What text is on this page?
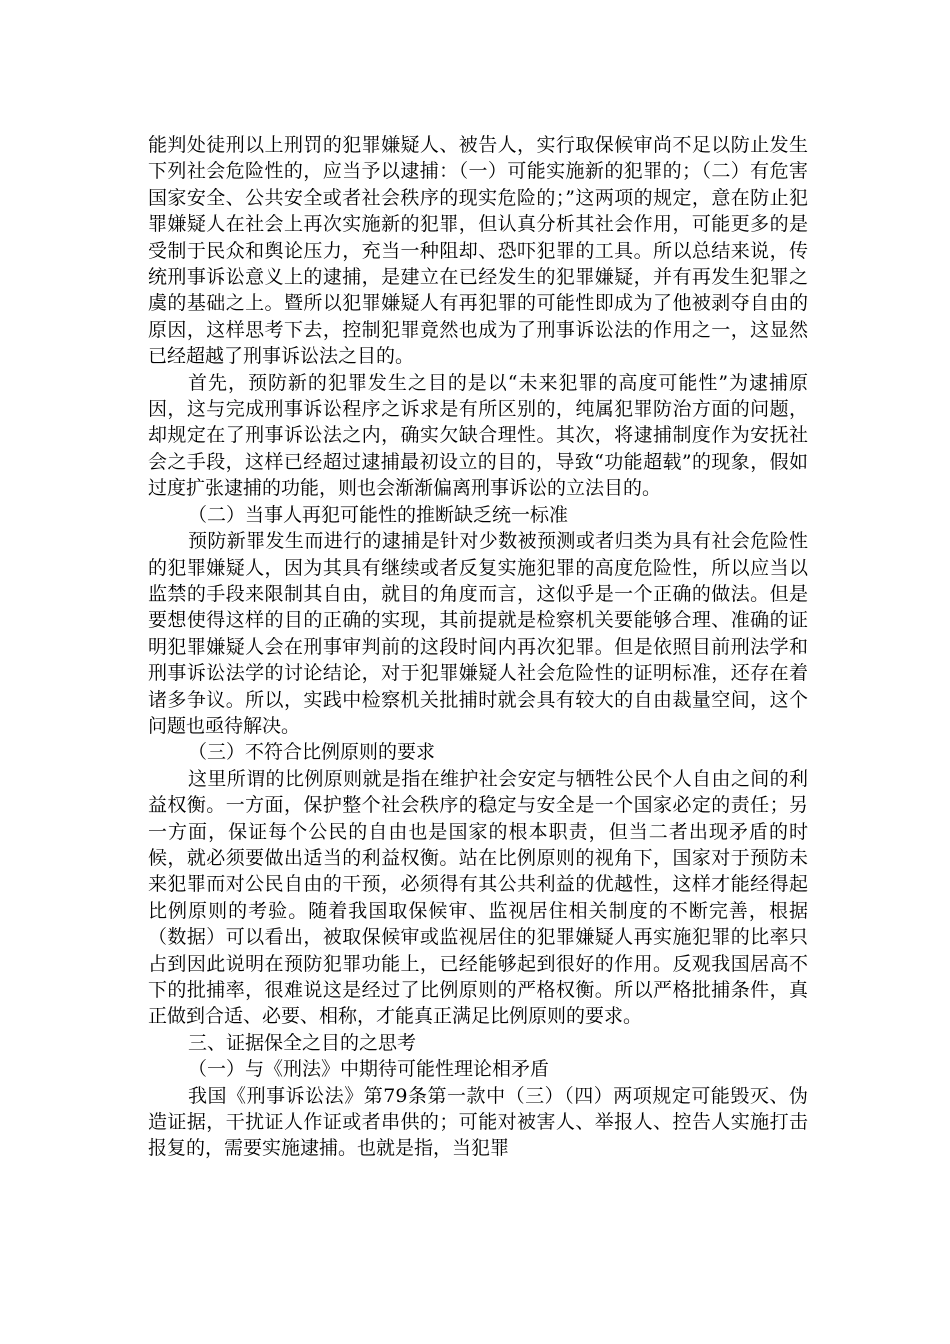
能判处徒刑以上刑罚的犯罪嫌疑人、被告人，实行取保候审尚不足以防止发生下列社会危险性的，应当予以逮捕：（一）可能实施新的犯罪的；（二）有危害国家安全、公共安全或者社会秩序的现实危险的；”这两项的规定，意在防止犯罪嫌疑人在社会上再次实施新的犯罪，但认真分析其社会作用，可能更多的是受制于民众和舆论压力，充当一种阻却、恐吓犯罪的工具。所以总结来说，传统刑事诉讼意义上的逮捕，是建立在已经发生的犯罪嫌疑，并有再发生犯罪之虞的基础之上。暨所以犯罪嫌疑人有再犯罪的可能性即成为了他被剥夺自由的原因，这样思考下去，控制犯罪竟然也成为了刑事诉讼法的作用之一，这显然已经超越了刑事诉讼法之目的。

首先，预防新的犯罪发生之目的是以“未来犯罪的高度可能性”为逮捕原因，这与完成刑事诉讼程序之诉求是有所区别的，纯属犯罪防治方面的问题，却规定在了刑事诉讼法之内，确实欠缺合理性。其次，将逮捕制度作为安抚社会之手段，这样已经超过逮捕最初设立的目的，导致“功能超载”的现象，假如过度扩张逮捕的功能，则也会渐渐偏离刑事诉讼的立法目的。

（二）当事人再犯可能性的推断缺乏统一标准

预防新罪发生而进行的逮捕是针对少数被预测或者归类为具有社会危险性的犯罪嫌疑人，因为其具有继续或者反复实施犯罪的高度危险性，所以应当以监禁的手段来限制其自由，就目的角度而言，这似乎是一个正确的做法。但是要想使得这样的目的正确的实现，其前提就是检察机关要能够合理、准确的证明犯罪嫌疑人会在刑事审判前的这段时间内再次犯罪。但是依照目前刑法学和刑事诉讼法学的讨论结论，对于犯罪嫌疑人社会危险性的证明标准，还存在着诸多争议。所以，实践中检察机关批捕时就会具有较大的自由裁量空间，这个问题也亟待解决。

（三）不符合比例原则的要求

这里所谓的比例原则就是指在维护社会安定与牺牲公民个人自由之间的利益权衡。一方面，保护整个社会秩序的稳定与安全是一个国家必定的责任；另一方面，保证每个公民的自由也是国家的根本职责，但当二者出现矛盾的时候，就必须要做出适当的利益权衡。站在比例原则的视角下，国家对于预防未来犯罪而对公民自由的干预，必须得有其公共利益的优越性，这样才能经得起比例原则的考验。随着我国取保候审、监视居住相关制度的不断完善，根据（数据）可以看出，被取保候审或监视居住的犯罪嫌疑人再实施犯罪的比率只占到因此说明在预防犯罪功能上，已经能够起到很好的作用。反观我国居高不下的批捕率，很难说这是经过了比例原则的严格权衡。所以严格批捕条件，真正做到合适、必要、相称，才能真正满足比例原则的要求。

三、证据保全之目的之思考

（一）与《刑法》中期待可能性理论相矛盾

我国《刑事诉讼法》第79条第一款中（三）（四）两项规定可能毁灭、伪造证据，干扰证人作证或者串供的；可能对被害人、举报人、控告人实施打击报复的，需要实施逮捕。也就是指，当犯罪
